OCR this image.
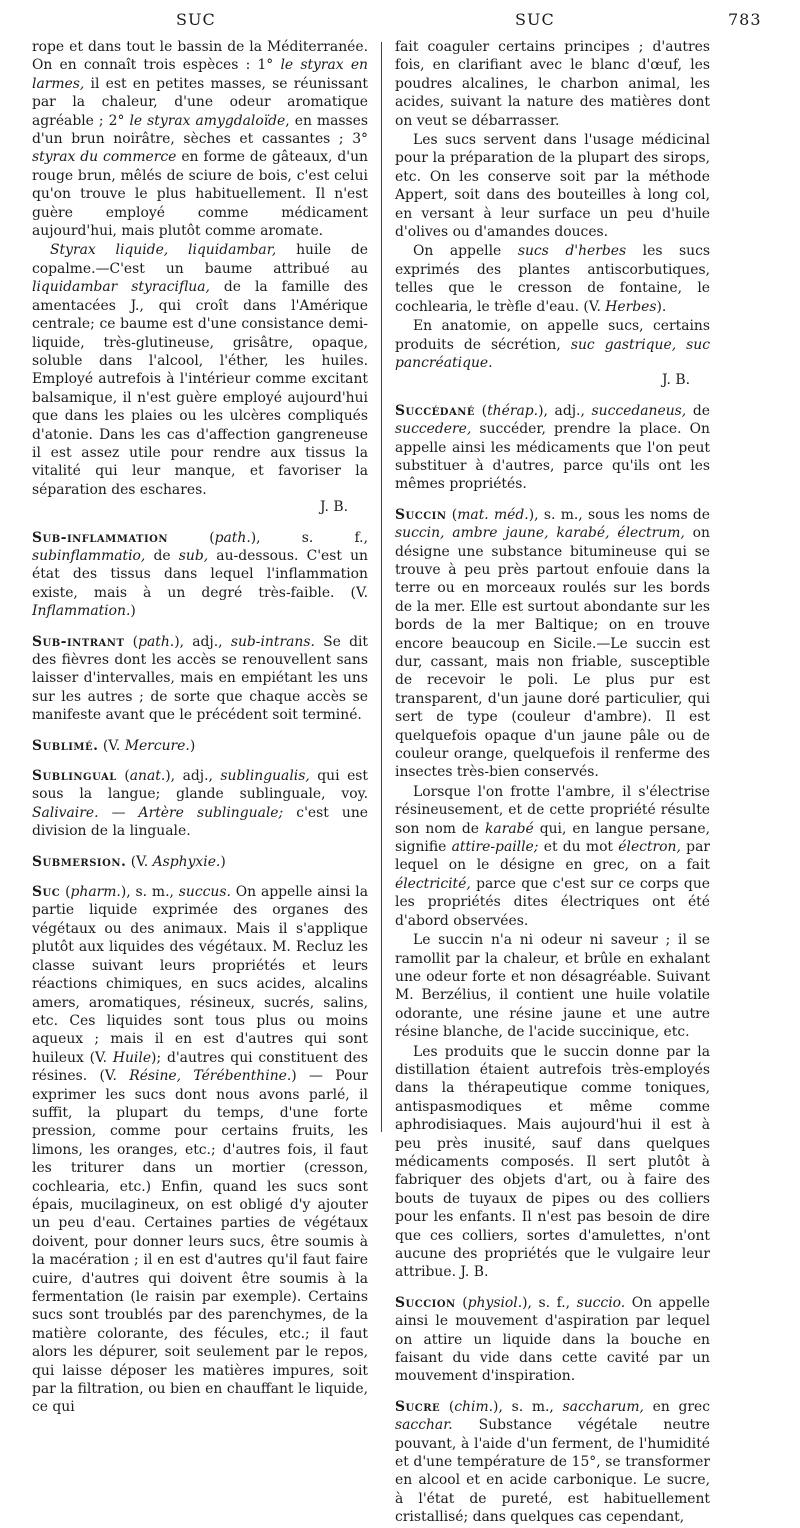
SUC	SUC	783

rope et dans tout le bassin de la Méditerranée. On en connaît trois espèces : 1° le styrax en larmes, il est en petites masses, se réunissant par la chaleur, d'une odeur aromatique agréable ; 2° le styrax amygdaloïde, en masses d'un brun noirâtre, sèches et cassantes ; 3° styrax du commerce en forme de gâteaux, d'un rouge brun, mêlés de sciure de bois, c'est celui qu'on trouve le plus habituellement. Il n'est guère employé comme médicament aujourd'hui, mais plutôt comme aromate.

Styrax liquide, liquidambar, huile de copalme.—C'est un baume attribué au liquidambar styraciflua, de la famille des amentacées J., qui croît dans l'Amérique centrale; ce baume est d'une consistance demi-liquide, très-glutineuse, grisâtre, opaque, soluble dans l'alcool, l'éther, les huiles. Employé autrefois à l'intérieur comme excitant balsamique, il n'est guère employé aujourd'hui que dans les plaies ou les ulcères compliqués d'atonie. Dans les cas d'affection gangreneuse il est assez utile pour rendre aux tissus la vitalité qui leur manque, et favoriser la séparation des eschares.

J. B.

Sub-inflammation (path.), s. f., subinflammatio, de sub, au-dessous. C'est un état des tissus dans lequel l'inflammation existe, mais à un degré très-faible. (V. Inflammation.)

Sub-intrant (path.), adj., sub-intrans. Se dit des fièvres dont les accès se renouvellent sans laisser d'intervalles, mais en empiétant les uns sur les autres ; de sorte que chaque accès se manifeste avant que le précédent soit terminé.

Sublimé. (V. Mercure.)

Sublingual (anat.), adj., sublingualis, qui est sous la langue; glande sublinguale, voy. Salivaire. — Artère sublinguale; c'est une division de la linguale.

Submersion. (V. Asphyxie.)

Suc (pharm.), s. m., succus. On appelle ainsi la partie liquide exprimée des organes des végétaux ou des animaux. Mais il s'applique plutôt aux liquides des végétaux. M. Recluz les classe suivant leurs propriétés et leurs réactions chimiques, en sucs acides, alcalins amers, aromatiques, résineux, sucrés, salins, etc. Ces liquides sont tous plus ou moins aqueux ; mais il en est d'autres qui sont huileux (V. Huile); d'autres qui constituent des résines. (V. Résine, Térébenthine.) — Pour exprimer les sucs dont nous avons parlé, il suffit, la plupart du temps, d'une forte pression, comme pour certains fruits, les limons, les oranges, etc.; d'autres fois, il faut les triturer dans un mortier (cresson, cochlearia, etc.) Enfin, quand les sucs sont épais, mucilagineux, on est obligé d'y ajouter un peu d'eau. Certaines parties de végétaux doivent, pour donner leurs sucs, être soumis à la macération ; il en est d'autres qu'il faut faire cuire, d'autres qui doivent être soumis à la fermentation (le raisin par exemple). Certains sucs sont troublés par des parenchymes, de la matière colorante, des fécules, etc.; il faut alors les dépurer, soit seulement par le repos, qui laisse déposer les matières impures, soit par la filtration, ou bien en chauffant le liquide, ce qui

fait coaguler certains principes ; d'autres fois, en clarifiant avec le blanc d'œuf, les poudres alcalines, le charbon animal, les acides, suivant la nature des matières dont on veut se débarrasser.

Les sucs servent dans l'usage médicinal pour la préparation de la plupart des sirops, etc. On les conserve soit par la méthode Appert, soit dans des bouteilles à long col, en versant à leur surface un peu d'huile d'olives ou d'amandes douces.

On appelle sucs d'herbes les sucs exprimés des plantes antiscorbutiques, telles que le cresson de fontaine, le cochlearia, le trèfle d'eau. (V. Herbes).

En anatomie, on appelle sucs, certains produits de sécrétion, suc gastrique, suc pancréatique.

J. B.

Succédané (thérap.), adj., succedaneus, de succedere, succéder, prendre la place. On appelle ainsi les médicaments que l'on peut substituer à d'autres, parce qu'ils ont les mêmes propriétés.

Succin (mat. méd.), s. m., sous les noms de succin, ambre jaune, karabé, électrum, on désigne une substance bitumineuse qui se trouve à peu près partout enfouie dans la terre ou en morceaux roulés sur les bords de la mer. Elle est surtout abondante sur les bords de la mer Baltique; on en trouve encore beaucoup en Sicile.—Le succin est dur, cassant, mais non friable, susceptible de recevoir le poli. Le plus pur est transparent, d'un jaune doré particulier, qui sert de type (couleur d'ambre). Il est quelquefois opaque d'un jaune pâle ou de couleur orange, quelquefois il renferme des insectes très-bien conservés.

Lorsque l'on frotte l'ambre, il s'électrise résineusement, et de cette propriété résulte son nom de karabé qui, en langue persane, signifie attire-paille; et du mot électron, par lequel on le désigne en grec, on a fait électricité, parce que c'est sur ce corps que les propriétés dites électriques ont été d'abord observées.

Le succin n'a ni odeur ni saveur ; il se ramollit par la chaleur, et brûle en exhalant une odeur forte et non désagréable. Suivant M. Berzélius, il contient une huile volatile odorante, une résine jaune et une autre résine blanche, de l'acide succinique, etc.

Les produits que le succin donne par la distillation étaient autrefois très-employés dans la thérapeutique comme toniques, antispasmodiques et même comme aphrodisiaques. Mais aujourd'hui il est à peu près inusité, sauf dans quelques médicaments composés. Il sert plutôt à fabriquer des objets d'art, ou à faire des bouts de tuyaux de pipes ou des colliers pour les enfants. Il n'est pas besoin de dire que ces colliers, sortes d'amulettes, n'ont aucune des propriétés que le vulgaire leur attribue. J. B.

Succion (physiol.), s. f., succio. On appelle ainsi le mouvement d'aspiration par lequel on attire un liquide dans la bouche en faisant du vide dans cette cavité par un mouvement d'inspiration.

Sucre (chim.), s. m., saccharum, en grec sacchar. Substance végétale neutre pouvant, à l'aide d'un ferment, de l'humidité et d'une température de 15°, se transformer en alcool et en acide carbonique. Le sucre, à l'état de pureté, est habituellement cristallisé; dans quelques cas cependant,
